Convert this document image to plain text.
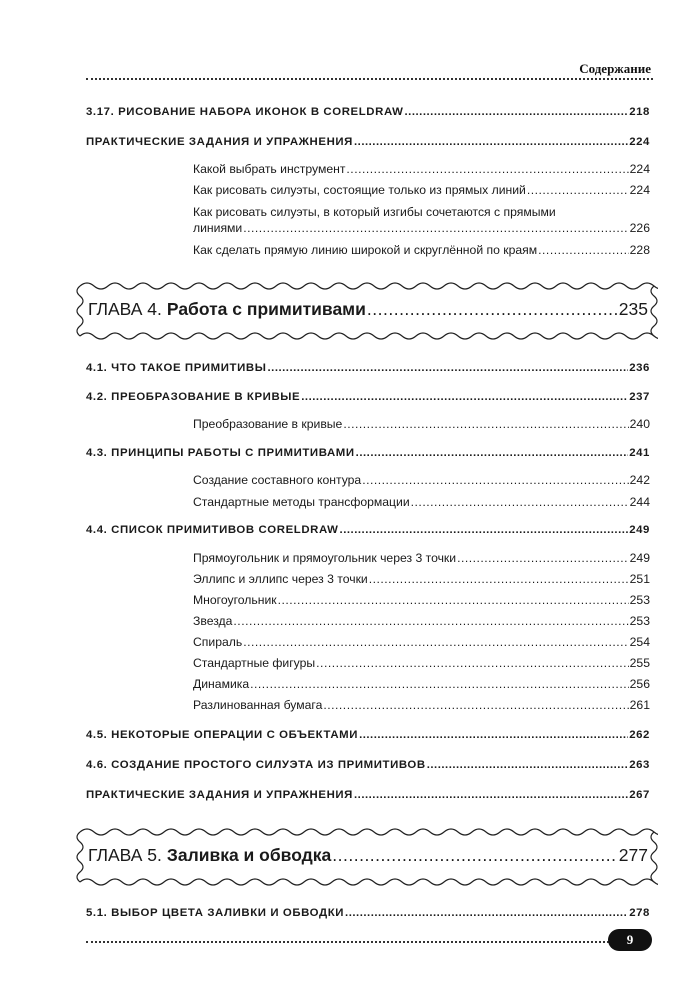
Содержание
3.17. РИСОВАНИЕ НАБОРА ИКОНОК В CORELDRAW .....	218
ПРАКТИЧЕСКИЕ ЗАДАНИЯ И УПРАЖНЕНИЯ .....	224
Какой выбрать инструмент .....	224
Как рисовать силуэты, состоящие только из прямых линий .....	224
Как рисовать силуэты, в который изгибы сочетаются с прямыми
линиями .....	226
Как сделать прямую линию широкой и скруглённой по краям .....	228
ГЛАВА 4. Работа с примитивами .....	235
4.1. ЧТО ТАКОЕ ПРИМИТИВЫ .....	236
4.2. ПРЕОБРАЗОВАНИЕ В КРИВЫЕ .....	237
Преобразование в кривые .....	240
4.3. ПРИНЦИПЫ РАБОТЫ С ПРИМИТИВАМИ .....	241
Создание составного контура .....	242
Стандартные методы трансформации .....	244
4.4. СПИСОК ПРИМИТИВОВ CORELDRAW .....	249
Прямоугольник и прямоугольник через 3 точки .....	249
Эллипс и эллипс через 3 точки .....	251
Многоугольник .....	253
Звезда .....	253
Спираль .....	254
Стандартные фигуры .....	255
Динамика .....	256
Разлинованная бумага .....	261
4.5. НЕКОТОРЫЕ ОПЕРАЦИИ С ОБЪЕКТАМИ .....	262
4.6. СОЗДАНИЕ ПРОСТОГО СИЛУЭТА ИЗ ПРИМИТИВОВ .....	263
ПРАКТИЧЕСКИЕ ЗАДАНИЯ И УПРАЖНЕНИЯ .....	267
ГЛАВА 5. Заливка и обводка .....	277
5.1. ВЫБОР ЦВЕТА ЗАЛИВКИ И ОБВОДКИ .....	278
9
